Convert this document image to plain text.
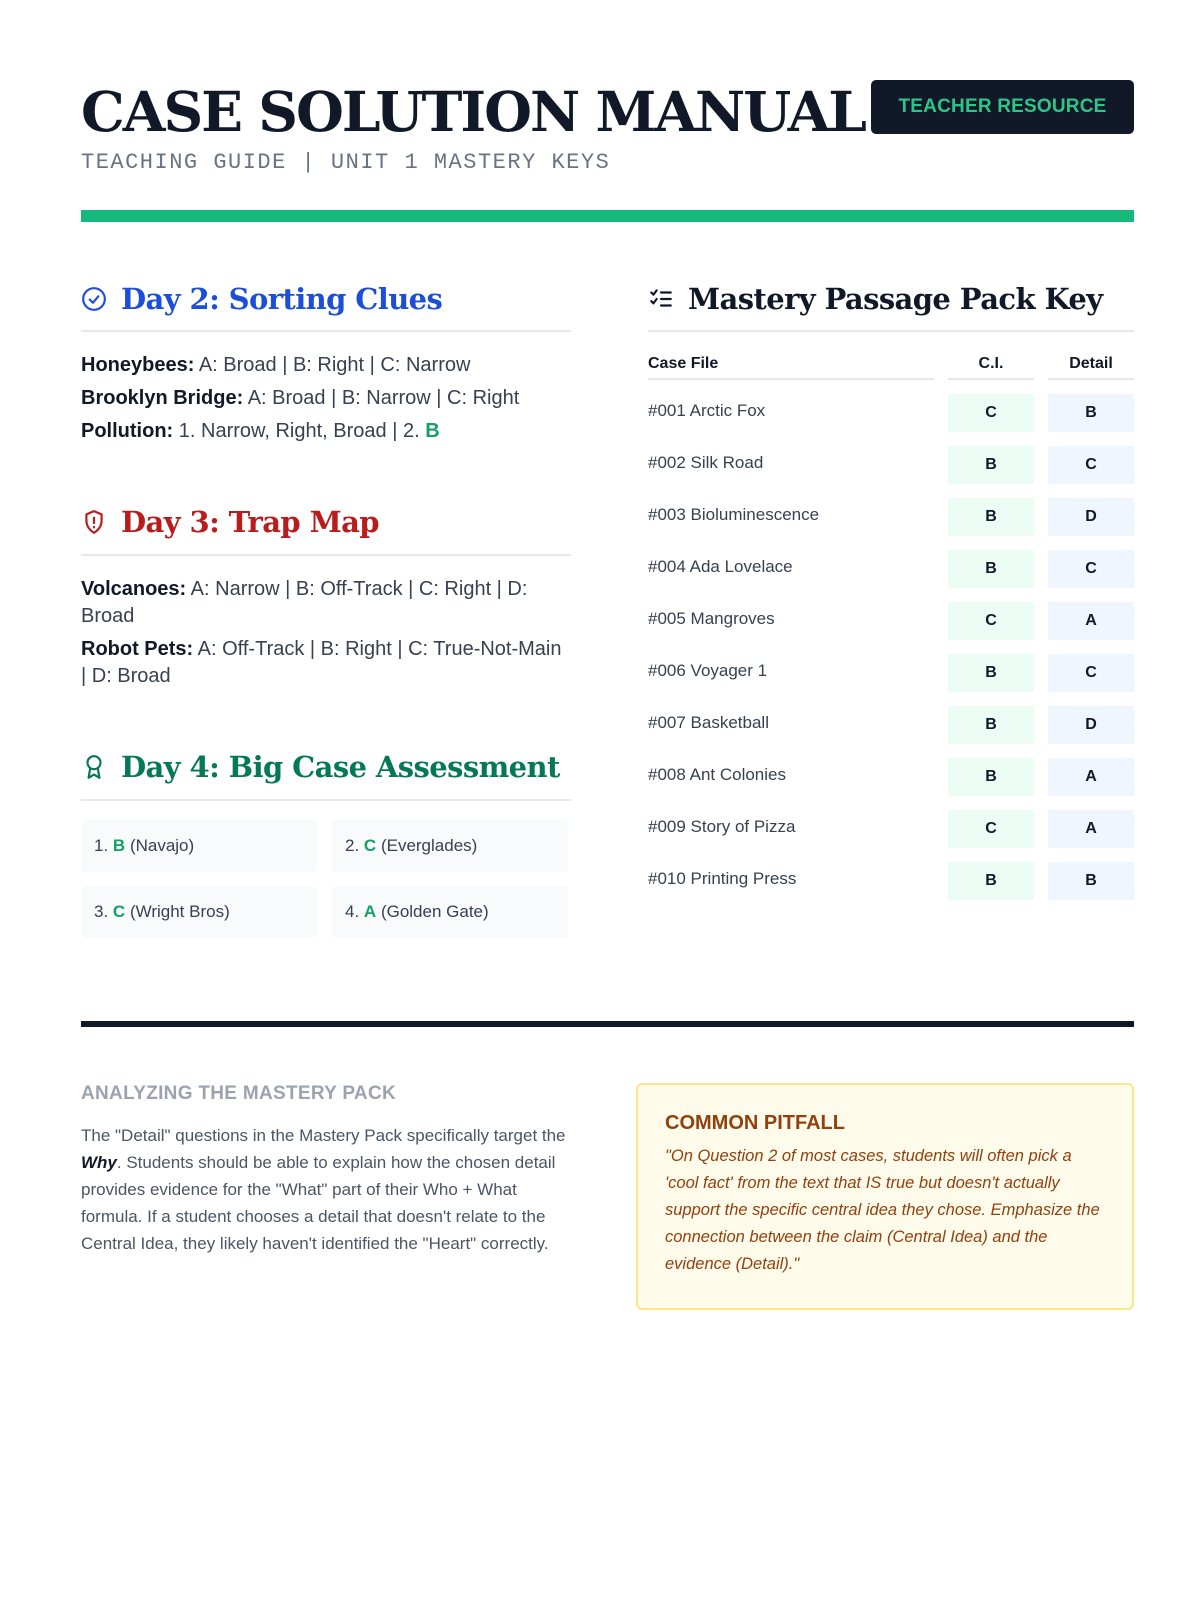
CASE SOLUTION MANUAL
TEACHING GUIDE | UNIT 1 MASTERY KEYS
TEACHER RESOURCE
Day 2: Sorting Clues
Honeybees: A: Broad | B: Right | C: Narrow
Brooklyn Bridge: A: Broad | B: Narrow | C: Right
Pollution: 1. Narrow, Right, Broad | 2. B
Day 3: Trap Map
Volcanoes: A: Narrow | B: Off-Track | C: Right | D: Broad
Robot Pets: A: Off-Track | B: Right | C: True-Not-Main | D: Broad
Day 4: Big Case Assessment
1.
B
(Navajo)	2.
C
(Everglades)
3.
C
(Wright Bros)	4.
A
(Golden Gate)
Mastery Passage Pack Key
Case File	C.I.	Detail
#001 Arctic Fox	C	B
#002 Silk Road	B	C
#003 Bioluminescence	B	D
#004 Ada Lovelace	B	C
#005 Mangroves	C	A
#006 Voyager 1	B	C
#007 Basketball	B	D
#008 Ant Colonies	B	A
#009 Story of Pizza	C	A
#010 Printing Press	B	B
ANALYZING THE MASTERY PACK
The "Detail" questions in the Mastery Pack specifically target the Why. Students should be able to explain how the chosen detail provides evidence for the "What" part of their Who + What formula. If a student chooses a detail that doesn't relate to the Central Idea, they likely haven't identified the "Heart" correctly.
COMMON PITFALL
"On Question 2 of most cases, students will often pick a 'cool fact' from the text that IS true but doesn't actually support the specific central idea they chose. Emphasize the connection between the claim (Central Idea) and the evidence (Detail)."
